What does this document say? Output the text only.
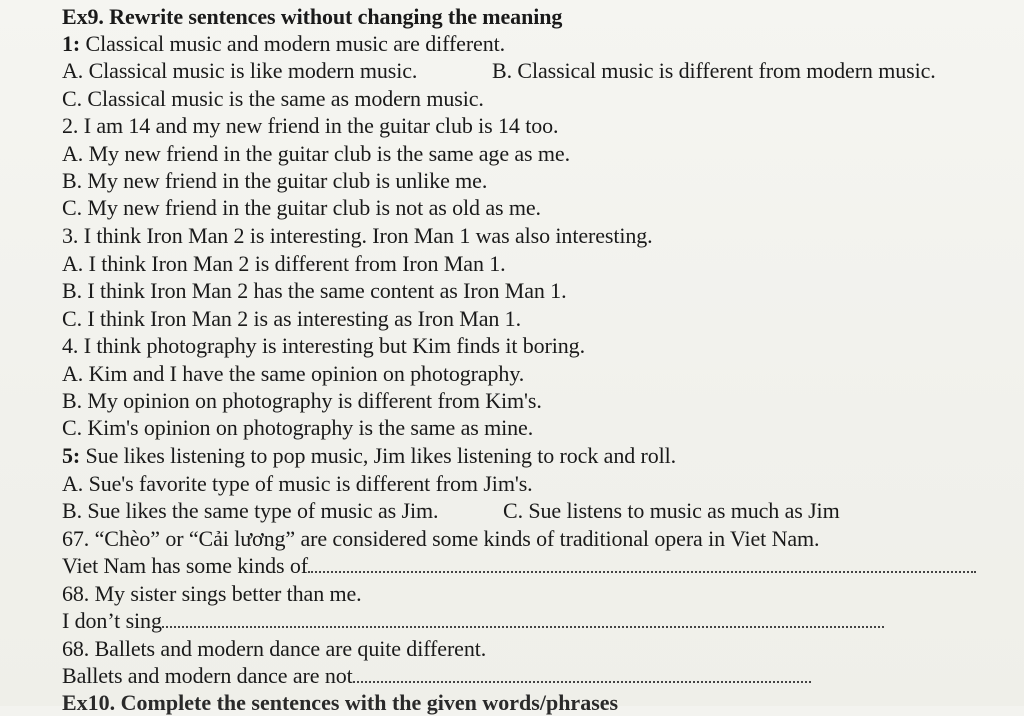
Ex9. Rewrite sentences without changing the meaning
1: Classical music and modern music are different.
A. Classical music is like modern music.	B. Classical music is different from modern music.
C. Classical music is the same as modern music.
2. I am 14 and my new friend in the guitar club is 14 too.
A. My new friend in the guitar club is the same age as me.
B. My new friend in the guitar club is unlike me.
C. My new friend in the guitar club is not as old as me.
3. I think Iron Man 2 is interesting. Iron Man 1 was also interesting.
A. I think Iron Man 2 is different from Iron Man 1.
B. I think Iron Man 2 has the same content as Iron Man 1.
C. I think Iron Man 2 is as interesting as Iron Man 1.
4. I think photography is interesting but Kim finds it boring.
A. Kim and I have the same opinion on photography.
B. My opinion on photography is different from Kim's.
C. Kim's opinion on photography is the same as mine.
5: Sue likes listening to pop music, Jim likes listening to rock and roll.
A. Sue's favorite type of music is different from Jim's.
B. Sue likes the same type of music as Jim.	C. Sue listens to music as much as Jim
67. “Chèo” or “Cải lương” are considered some kinds of traditional opera in Viet Nam.
Viet Nam has some kinds of
68. My sister sings better than me.
I don’t sing
68. Ballets and modern dance are quite different.
Ballets and modern dance are not
Ex10. Complete the sentences with the given words/phrases
